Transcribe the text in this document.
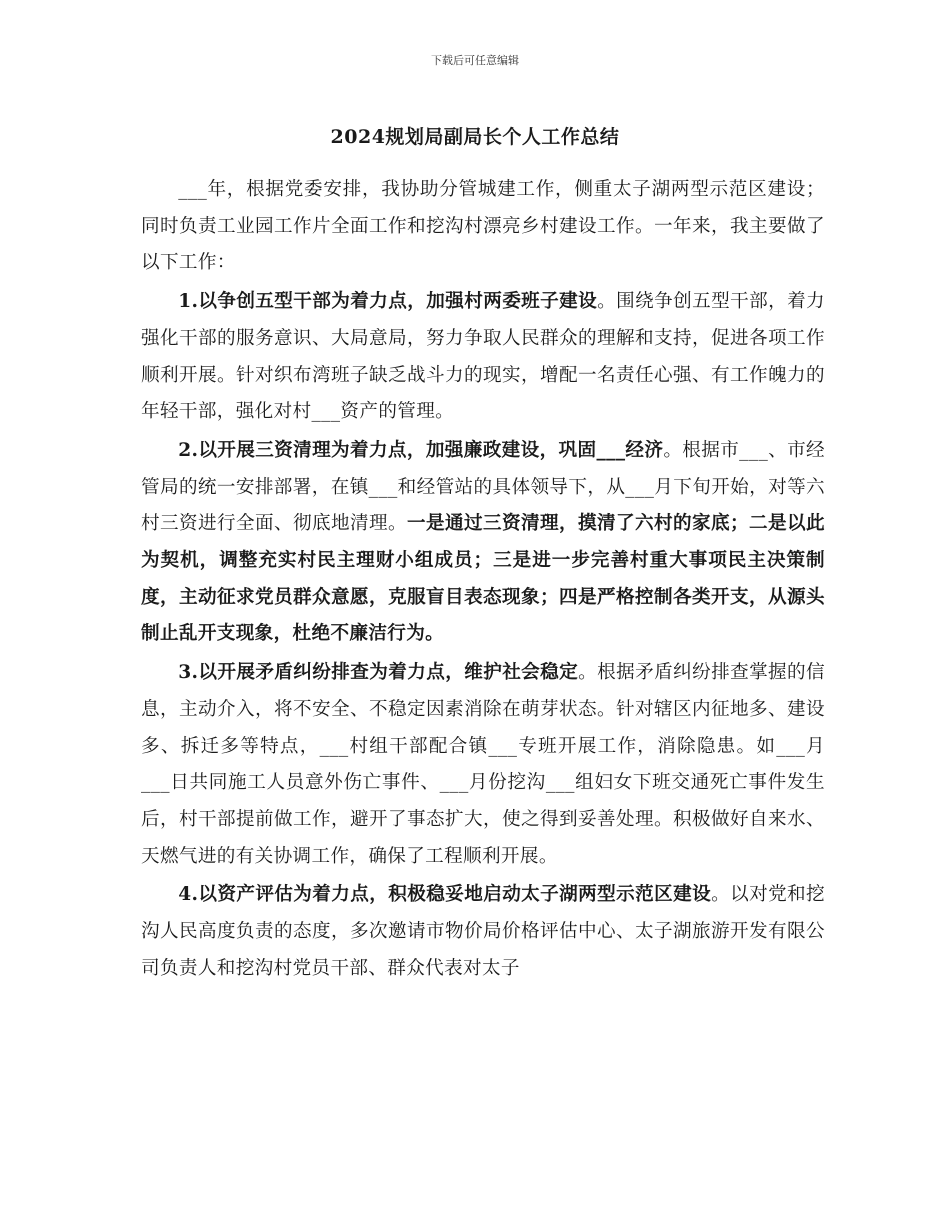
下载后可任意编辑
2024规划局副局长个人工作总结

___年，根据党委安排，我协助分管城建工作，侧重太子湖两型示范区建设；同时负责工业园工作片全面工作和挖沟村漂亮乡村建设工作。一年来，我主要做了以下工作：

1.以争创五型干部为着力点，加强村两委班子建设。围绕争创五型干部，着力强化干部的服务意识、大局意局，努力争取人民群众的理解和支持，促进各项工作顺利开展。针对织布湾班子缺乏战斗力的现实，增配一名责任心强、有工作魄力的年轻干部，强化对村___资产的管理。

2.以开展三资清理为着力点，加强廉政建设，巩固___经济。根据市___、市经管局的统一安排部署，在镇___和经管站的具体领导下，从___月下旬开始，对等六村三资进行全面、彻底地清理。一是通过三资清理，摸清了六村的家底；二是以此为契机，调整充实村民主理财小组成员；三是进一步完善村重大事项民主决策制度，主动征求党员群众意愿，克服盲目表态现象；四是严格控制各类开支，从源头制止乱开支现象，杜绝不廉洁行为。

3.以开展矛盾纠纷排查为着力点，维护社会稳定。根据矛盾纠纷排查掌握的信息，主动介入，将不安全、不稳定因素消除在萌芽状态。针对辖区内征地多、建设多、拆迁多等特点，___村组干部配合镇___专班开展工作，消除隐患。如___月___日共同施工人员意外伤亡事件、___月份挖沟___组妇女下班交通死亡事件发生后，村干部提前做工作，避开了事态扩大，使之得到妥善处理。积极做好自来水、天燃气进的有关协调工作，确保了工程顺利开展。

4.以资产评估为着力点，积极稳妥地启动太子湖两型示范区建设。以对党和挖沟人民高度负责的态度，多次邀请市物价局价格评估中心、太子湖旅游开发有限公司负责人和挖沟村党员干部、群众代表对太子
